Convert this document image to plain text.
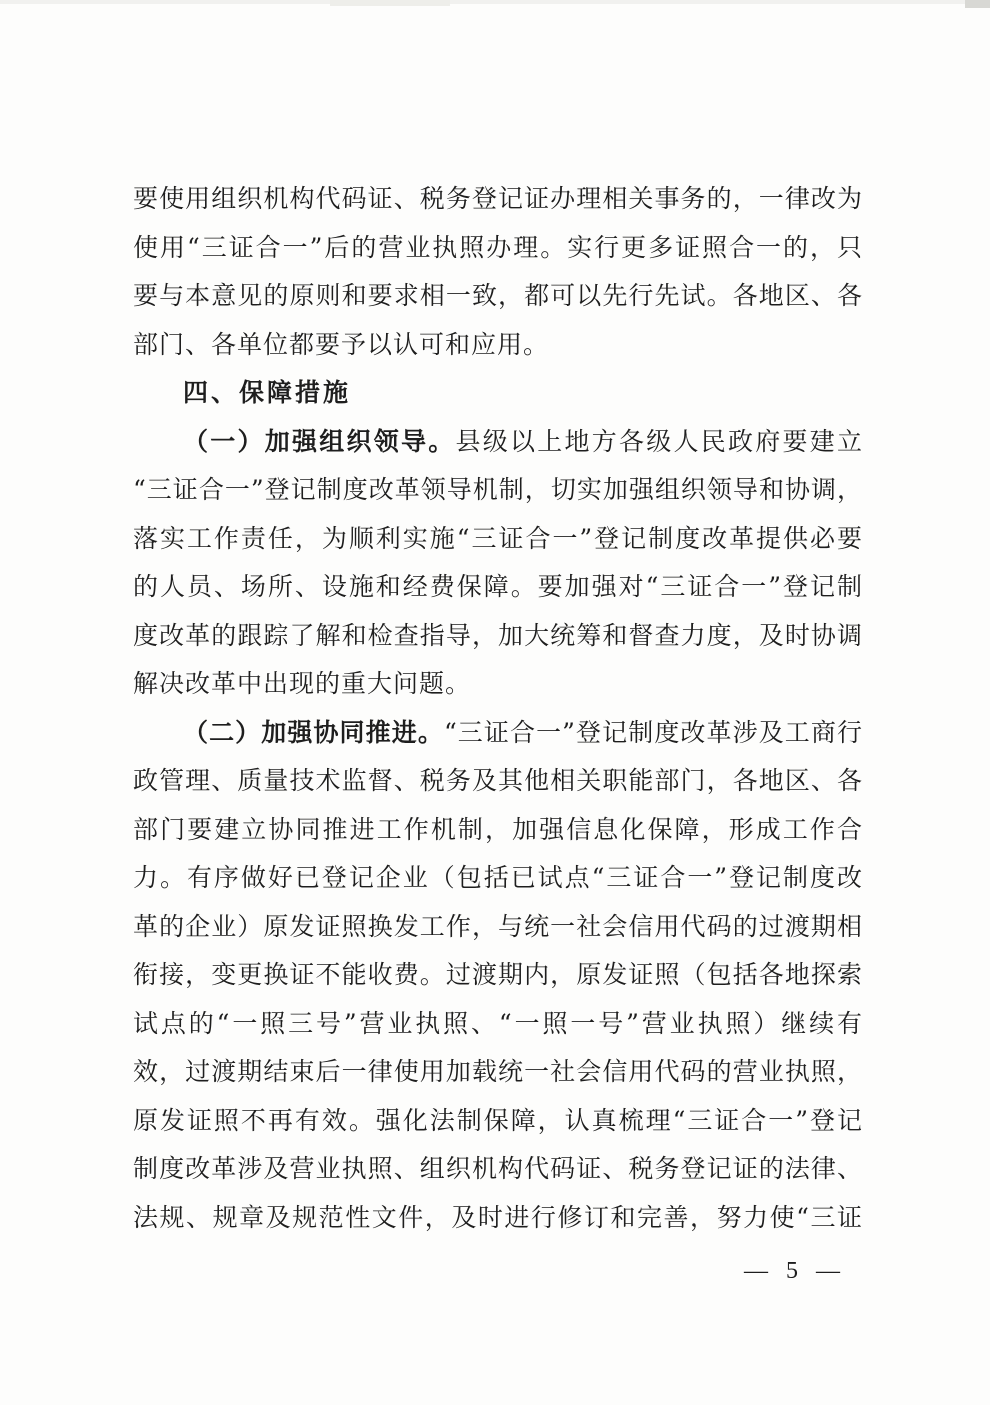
要使用组织机构代码证、税务登记证办理相关事务的，一律改为
使用“三证合一”后的营业执照办理。实行更多证照合一的，只
要与本意见的原则和要求相一致，都可以先行先试。各地区、各
部门、各单位都要予以认可和应用。
四、保障措施
（一）加强组织领导。县级以上地方各级人民政府要建立
“三证合一”登记制度改革领导机制，切实加强组织领导和协调，
落实工作责任，为顺利实施“三证合一”登记制度改革提供必要
的人员、场所、设施和经费保障。要加强对“三证合一”登记制
度改革的跟踪了解和检查指导，加大统筹和督查力度，及时协调
解决改革中出现的重大问题。
（二）加强协同推进。“三证合一”登记制度改革涉及工商行
政管理、质量技术监督、税务及其他相关职能部门，各地区、各
部门要建立协同推进工作机制，加强信息化保障，形成工作合
力。有序做好已登记企业（包括已试点“三证合一”登记制度改
革的企业）原发证照换发工作，与统一社会信用代码的过渡期相
衔接，变更换证不能收费。过渡期内，原发证照（包括各地探索
试点的“一照三号”营业执照、“一照一号”营业执照）继续有
效，过渡期结束后一律使用加载统一社会信用代码的营业执照，
原发证照不再有效。强化法制保障，认真梳理“三证合一”登记
制度改革涉及营业执照、组织机构代码证、税务登记证的法律、
法规、规章及规范性文件，及时进行修订和完善，努力使“三证
— 5 —
